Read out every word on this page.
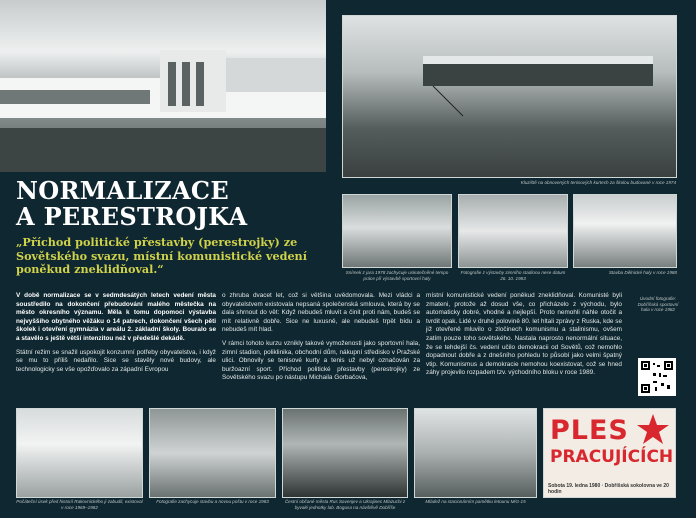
Kluziště na obnovených tenisových kurtech za školou budované v roce 1974
NORMALIZACE
A PERESTROJKA
„Příchod politické přestavby (perestrojky) ze Sovětského svazu, místní komunistické vedení poněkud zneklidňoval.“	Snímek z jara 1978 zachycuje uskutečněné tempo práce při výstavbě sportovní haly
Fotografie z výstavby zimního stadionu nese datum 26. 10. 1983
Stavba Dělnické haly v roce 1988

V době normalizace se v sedmdesátých letech vedení města soustředilo na dokončení přebudování malého městečka na město okresního významu. Měla k tomu dopomoci výstavba nejvyššího obytného věžáku o 14 patrech, dokončení všech pěti školek i otevření gymnázia v areálu 2. základní školy. Bouralo se a stavělo s ještě větší intenzitou než v předešlé dekádě.

Státní režim se snažil uspokojit konzumní potřeby obyvatelstva, i když se mu to příliš nedařilo. Sice se stavěly nové budovy, ale technologicky se vše opožďovalo za západní Evropou

o zhruba dvacet let, což si většina uvědomovala. Mezi vládci a obyvatelstvem existovala nepsaná společenská smlouva, která by se dala shrnout do vět: Když nebudeš mluvit a činit proti nám, budeš se mít relativně dobře. Sice ne luxusně, ale nebudeš trpět bídu a nebudeš mít hlad.

V rámci tohoto kurzu vznikly takové vymoženosti jako sportovní hala, zimní stadion, poliklinika, obchodní dům, nákupní středisko v Pražské ulici. Obnovily se tenisové kurty a tenis už nebyl označován za buržoazní sport. Příchod politické přestavby (perestrojky) ze Sovětského svazu po nástupu Michaila Gorbačova,

místní komunistické vedení poněkud zneklidňoval. Komunisté byli zmateni, protože až dosud vše, co přicházelo z východu, bylo automaticky dobré, vhodné a nejlepší. Proto nemohli náhle otočit a tvrdit opak. Lidé v druhé polovině 80. let hltali zprávy z Ruska, kde se již otevřeně mluvilo o zločinech komunismu a stalinismu, ovšem zatím pouze toho sovětského. Nastala naprosto nenormální situace, že se tehdejší čs. vedení učilo demokracii od Sovětů, což nemohlo dopadnout dobře a z dnešního pohledu to působí jako velmi špatný vtip. Komunismus a demokracie nemohou koexistovat, což se hned záhy projevilo rozpadem tzv. východního bloku v roce 1989.

Úvodní fotografie: Dobříšská sportovní hala v roce 1982
Počáteční úsek před historií Rakovnického ji zabudil, existoval v roce 1969–1982
Fotografie zachycuje stavbu a novou poštu v roce 1983	Čestní občané města Rus Savenjev a Ukrajinec Mlazuchi z byvalé jednotky lab. Bogusa na návštěvě Dobříše
Mládež na stacionárním pamětku letounu MiG-15
PLES
PRACUJÍCÍCH
Sobota 19. ledna 1980 · Dobříšská sokolovna ve 20 hodin
